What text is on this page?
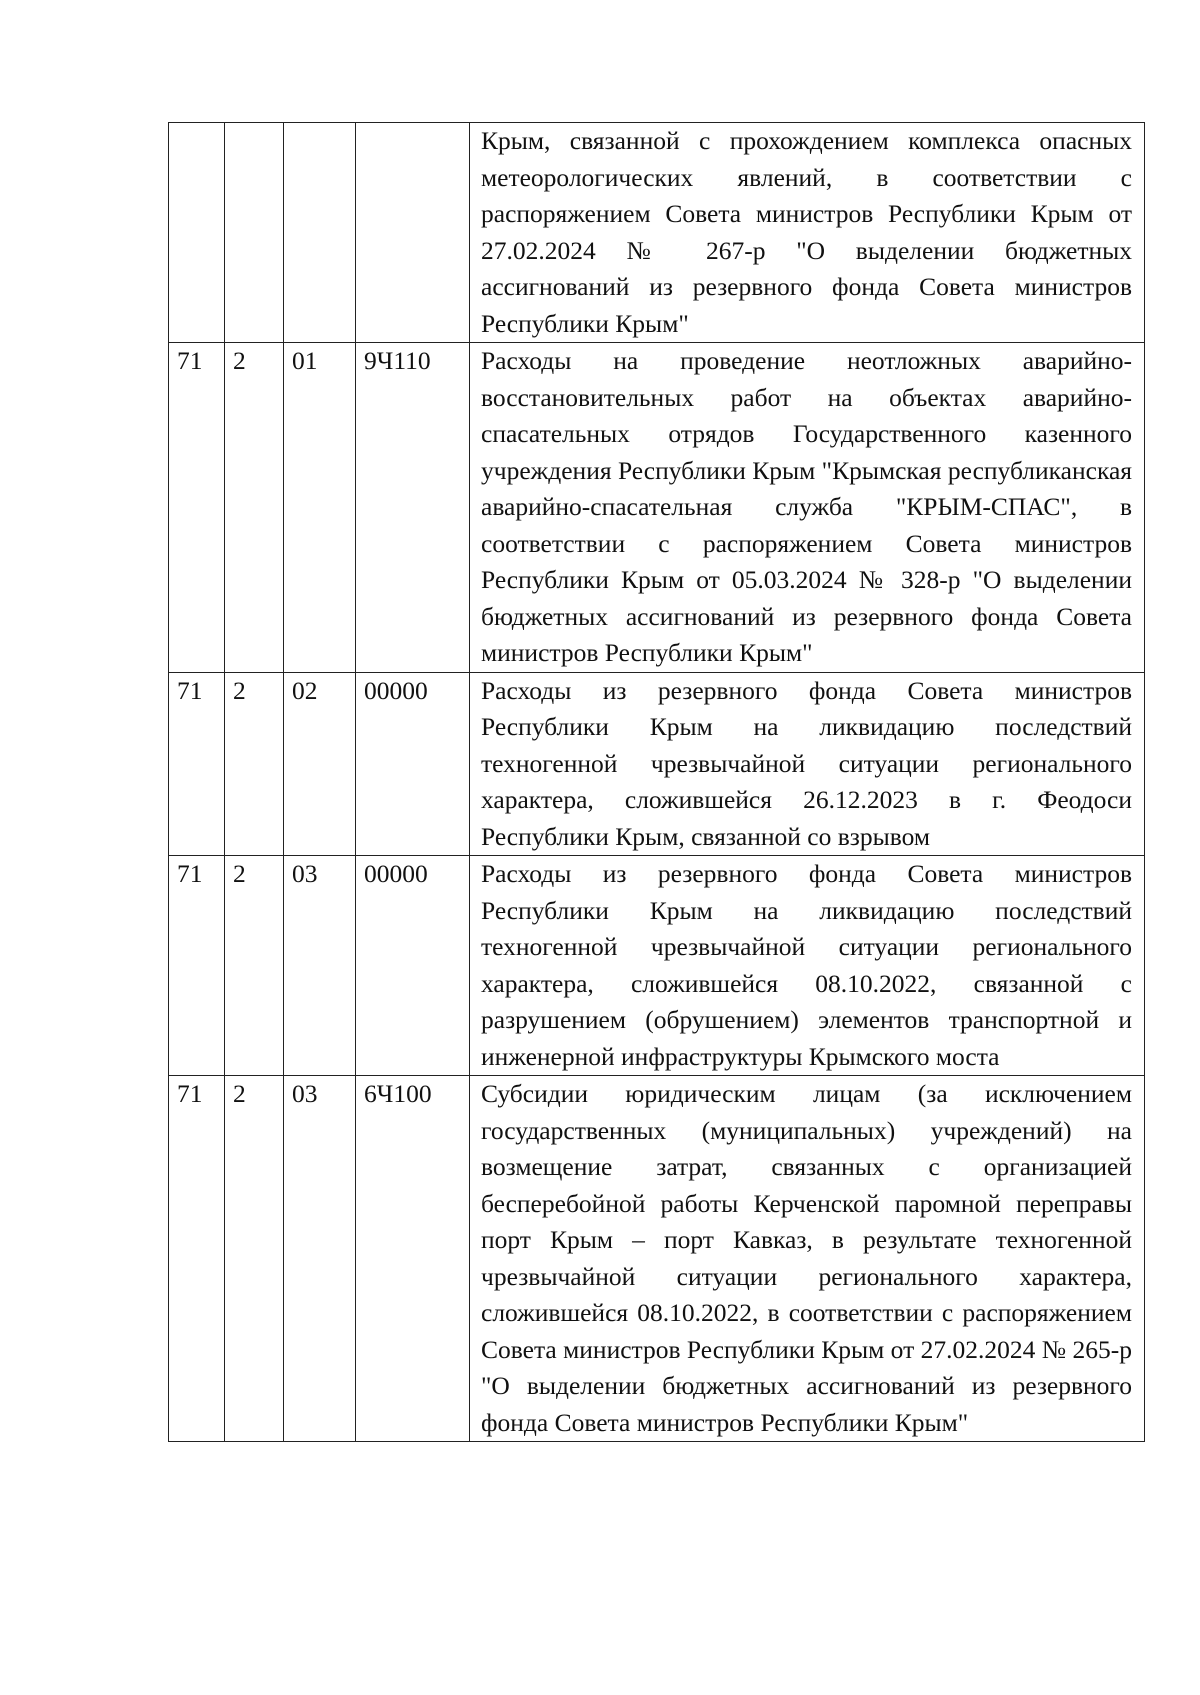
				Крым, связанной с прохождением комплекса опасных метеорологических явлений, в соответствии с распоряжением Совета министров Республики Крым от 27.02.2024 № 267-р "О выделении бюджетных ассигнований из резервного фонда Совета министров Республики Крым"
71	2	01	9Ч110	Расходы на проведение неотложных аварийно-восстановительных работ на объектах аварийно-спасательных отрядов Государственного казенного учреждения Республики Крым "Крымская республиканская аварийно-спасательная служба "КРЫМ-СПАС", в соответствии с распоряжением Совета министров Республики Крым от 05.03.2024 № 328-р "О выделении бюджетных ассигнований из резервного фонда Совета министров Республики Крым"
71	2	02	00000	Расходы из резервного фонда Совета министров Республики Крым на ликвидацию последствий техногенной чрезвычайной ситуации регионального характера, сложившейся 26.12.2023 в г. Феодоси Республики Крым, связанной со взрывом
71	2	03	00000	Расходы из резервного фонда Совета министров Республики Крым на ликвидацию последствий техногенной чрезвычайной ситуации регионального характера, сложившейся 08.10.2022, связанной с разрушением (обрушением) элементов транспортной и инженерной инфраструктуры Крымского моста
71	2	03	6Ч100	Субсидии юридическим лицам (за исключением государственных (муниципальных) учреждений) на возмещение затрат, связанных с организацией бесперебойной работы Керченской паромной переправы порт Крым – порт Кавказ, в результате техногенной чрезвычайной ситуации регионального характера, сложившейся 08.10.2022, в соответствии с распоряжением Совета министров Республики Крым от 27.02.2024 № 265-р "О выделении бюджетных ассигнований из резервного фонда Совета министров Республики Крым"
